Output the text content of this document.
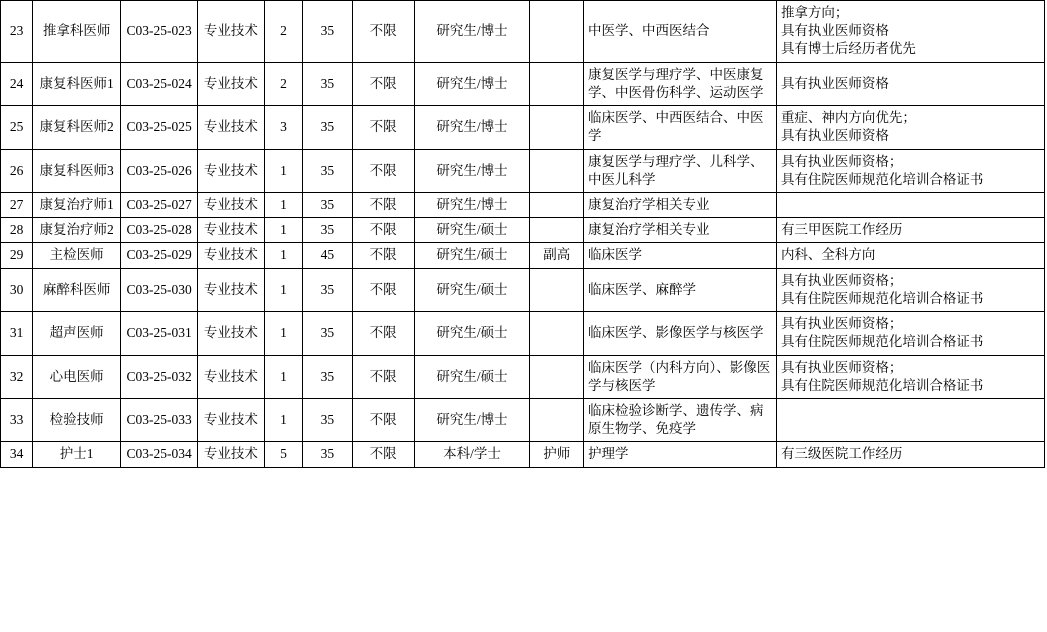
23	推拿科医师	C03-25-023	专业技术	2	35	不限	研究生/博士		中医学、中西医结合	推拿方向；
具有执业医师资格
具有博士后经历者优先

24	康复科医师1	C03-25-024	专业技术	2	35	不限	研究生/博士		康复医学与理疗学、中医康复学、中医骨伤科学、运动医学	具有执业医师资格
25	康复科医师2	C03-25-025	专业技术	3	35	不限	研究生/博士		临床医学、中西医结合、中医学	重症、神内方向优先；
具有执业医师资格

26	康复科医师3	C03-25-026	专业技术	1	35	不限	研究生/博士		康复医学与理疗学、儿科学、中医儿科学	具有执业医师资格；
具有住院医师规范化培训合格证书

27	康复治疗师1	C03-25-027	专业技术	1	35	不限	研究生/博士		康复治疗学相关专业	
28	康复治疗师2	C03-25-028	专业技术	1	35	不限	研究生/硕士		康复治疗学相关专业	有三甲医院工作经历
29	主检医师	C03-25-029	专业技术	1	45	不限	研究生/硕士	副高	临床医学	内科、全科方向
30	麻醉科医师	C03-25-030	专业技术	1	35	不限	研究生/硕士		临床医学、麻醉学	具有执业医师资格；
具有住院医师规范化培训合格证书

31	超声医师	C03-25-031	专业技术	1	35	不限	研究生/硕士		临床医学、影像医学与核医学	具有执业医师资格；
具有住院医师规范化培训合格证书

32	心电医师	C03-25-032	专业技术	1	35	不限	研究生/硕士		临床医学（内科方向）、影像医学与核医学	具有执业医师资格；
具有住院医师规范化培训合格证书

33	检验技师	C03-25-033	专业技术	1	35	不限	研究生/博士		临床检验诊断学、遗传学、病原生物学、免疫学	
34	护士1	C03-25-034	专业技术	5	35	不限	本科/学士	护师	护理学	有三级医院工作经历
